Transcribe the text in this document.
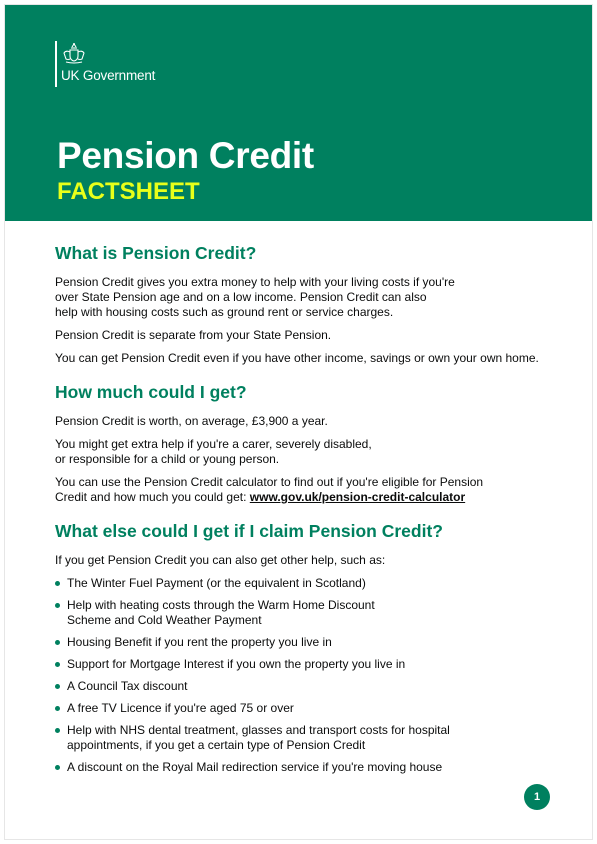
UK Government
Pension Credit
FACTSHEET
What is Pension Credit?

Pension Credit gives you extra money to help with your living costs if you're
over State Pension age and on a low income. Pension Credit can also
help with housing costs such as ground rent or service charges.

Pension Credit is separate from your State Pension.

You can get Pension Credit even if you have other income, savings or own your own home.

How much could I get?

Pension Credit is worth, on average, £3,900 a year.

You might get extra help if you're a carer, severely disabled,
or responsible for a child or young person.

You can use the Pension Credit calculator to find out if you're eligible for Pension
Credit and how much you could get: www.gov.uk/pension-credit-calculator

What else could I get if I claim Pension Credit?

If you get Pension Credit you can also get other help, such as:

The Winter Fuel Payment (or the equivalent in Scotland)
Help with heating costs through the Warm Home Discount
Scheme and Cold Weather Payment
Housing Benefit if you rent the property you live in
Support for Mortgage Interest if you own the property you live in
A Council Tax discount
A free TV Licence if you're aged 75 or over
Help with NHS dental treatment, glasses and transport costs for hospital
appointments, if you get a certain type of Pension Credit
A discount on the Royal Mail redirection service if you're moving house
1
